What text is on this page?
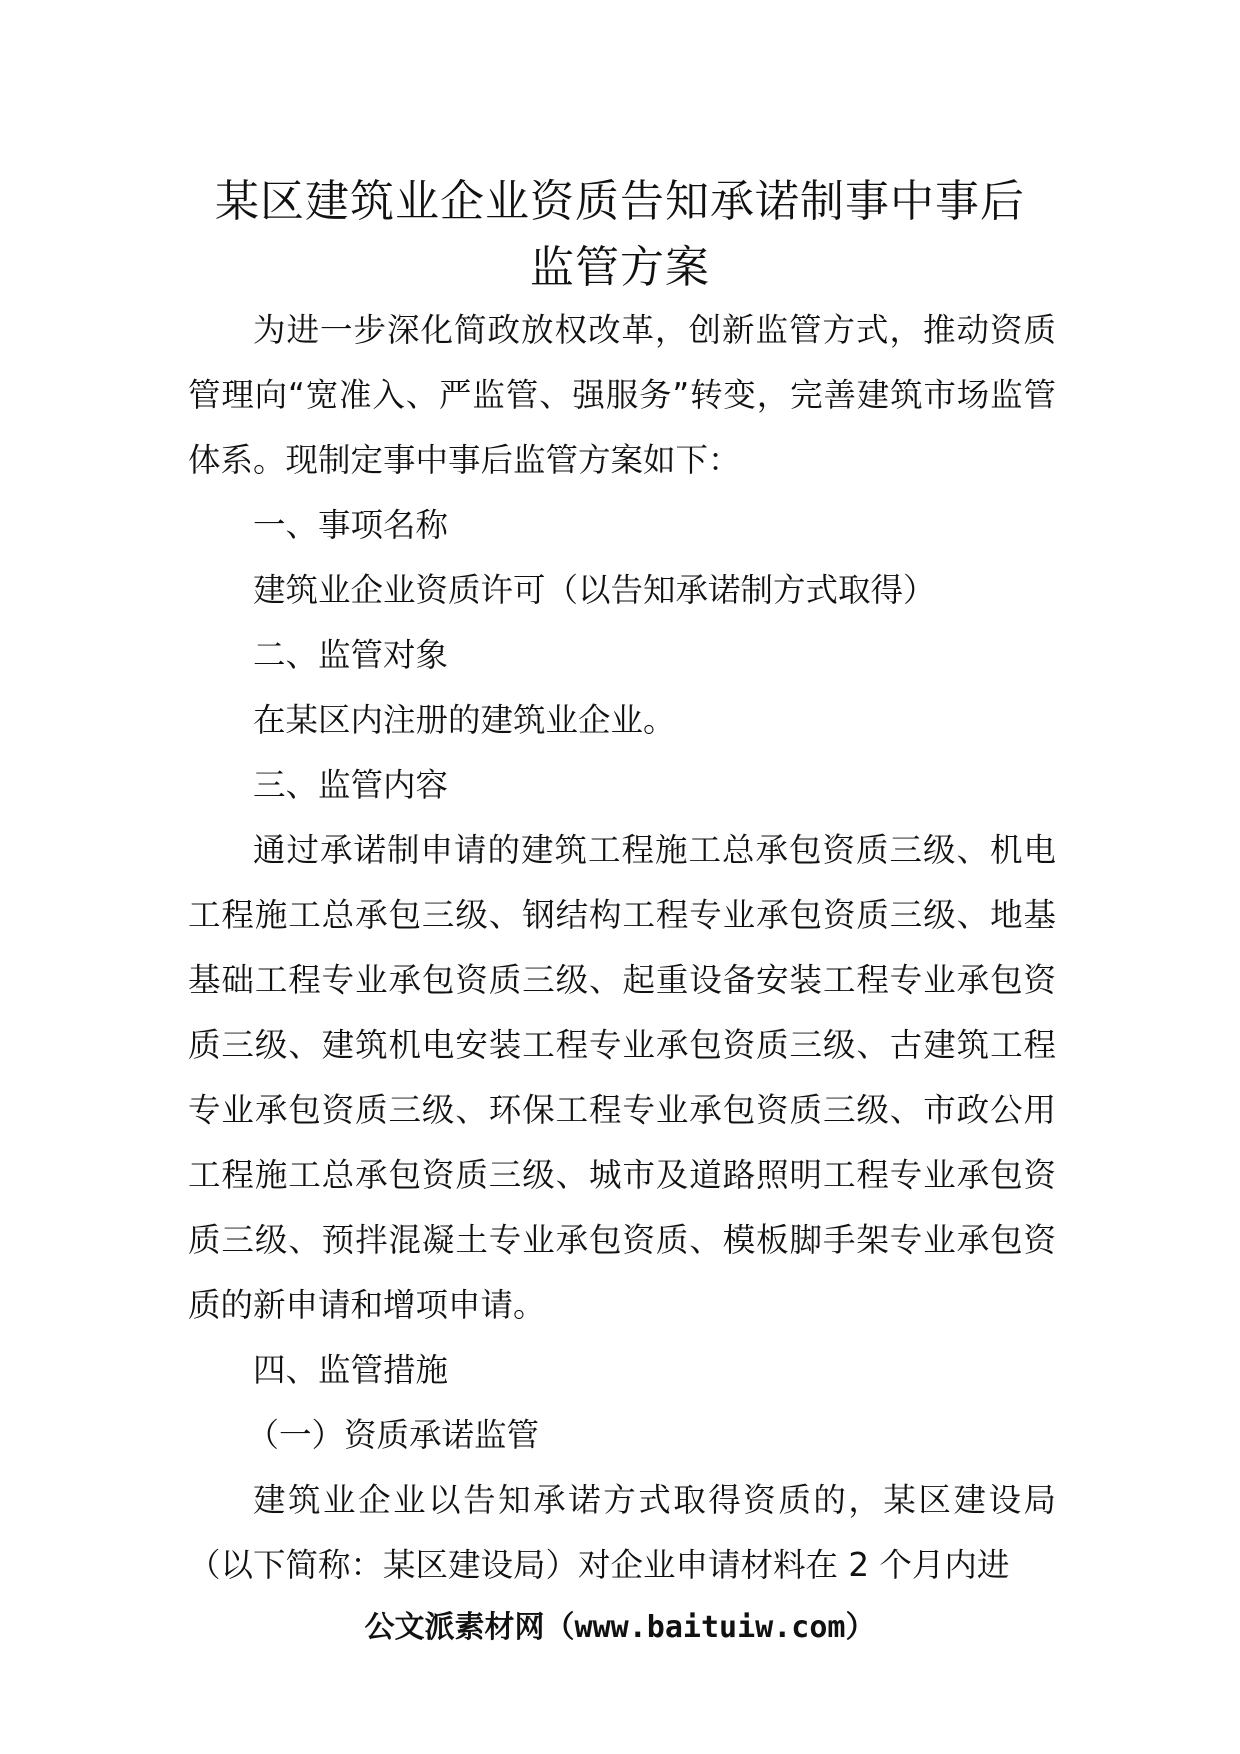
某区建筑业企业资质告知承诺制事中事后
监管方案

为进一步深化简政放权改革，创新监管方式，推动资质管理向“宽准入、严监管、强服务”转变，完善建筑市场监管体系。现制定事中事后监管方案如下：

一、事项名称

建筑业企业资质许可（以告知承诺制方式取得）

二、监管对象

在某区内注册的建筑业企业。

三、监管内容

通过承诺制申请的建筑工程施工总承包资质三级、机电工程施工总承包三级、钢结构工程专业承包资质三级、地基基础工程专业承包资质三级、起重设备安装工程专业承包资质三级、建筑机电安装工程专业承包资质三级、古建筑工程专业承包资质三级、环保工程专业承包资质三级、市政公用工程施工总承包资质三级、城市及道路照明工程专业承包资质三级、预拌混凝土专业承包资质、模板脚手架专业承包资质的新申请和增项申请。

四、监管措施

（一）资质承诺监管

建筑业企业以告知承诺方式取得资质的，某区建设局（以下简称：某区建设局）对企业申请材料在 2 个月内进

公文派素材网（www.baituiw.com）
